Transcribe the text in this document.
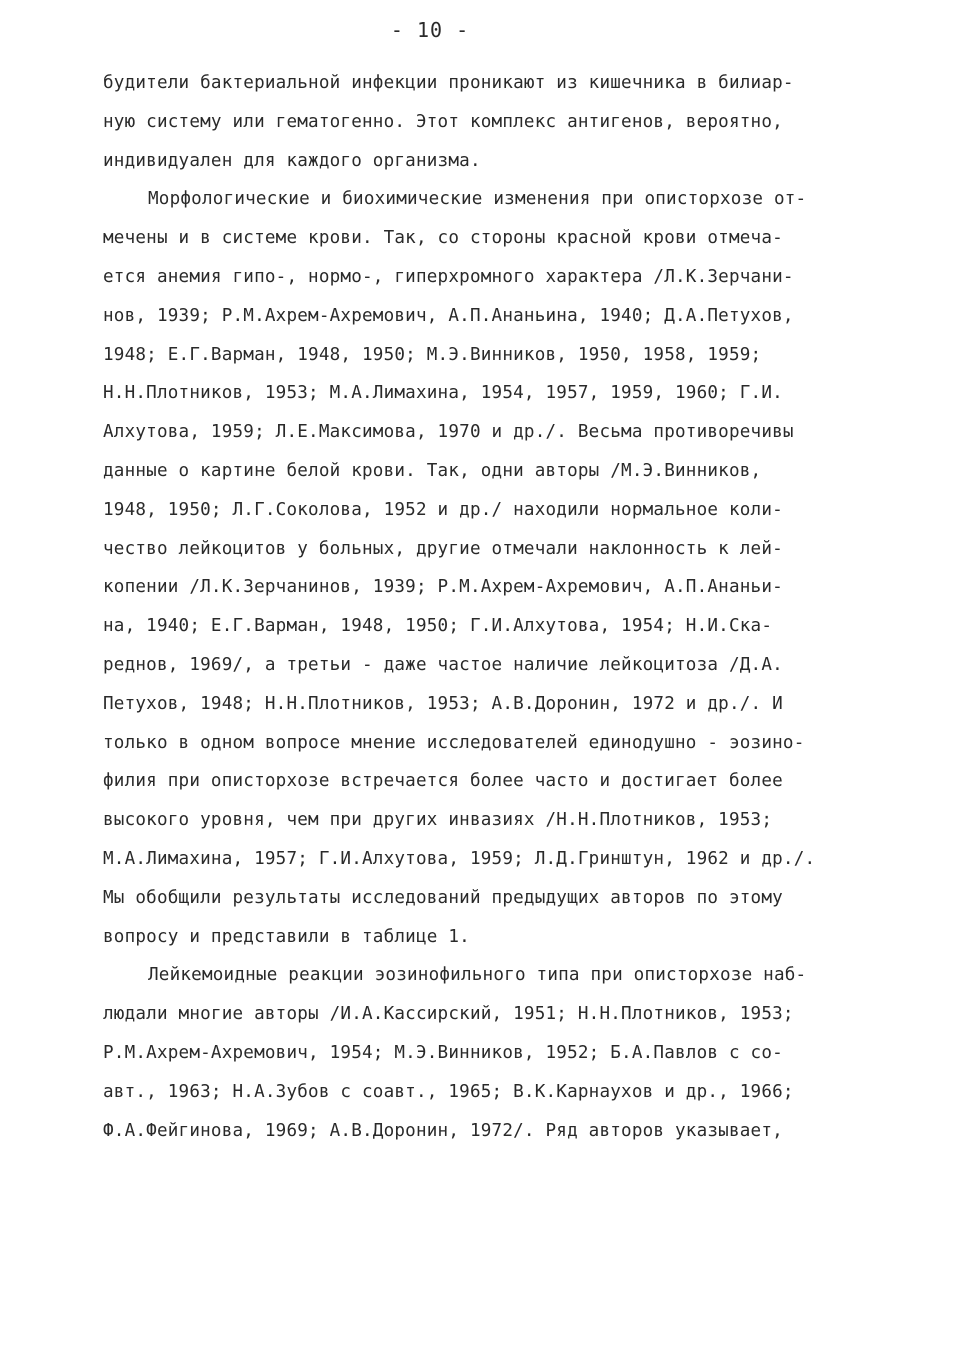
- 10 -
будители бактериальной инфекции проникают из кишечника в билиар-
ную систему или гематогенно. Этот комплекс антигенов, вероятно,
индивидуален для каждого организма.
Морфологические и биохимические изменения при описторхозе от-
мечены и в системе крови. Так, со стороны красной крови отмеча-
ется анемия гипо-, нормо-, гиперхромного характера /Л.К.Зерчани-
нов, 1939; Р.М.Ахрем-Ахремович, А.П.Ананьина, 1940; Д.А.Петухов,
1948; Е.Г.Варман, 1948, 1950; М.Э.Винников, 1950, 1958, 1959;
Н.Н.Плотников, 1953; М.А.Лимахина, 1954, 1957, 1959, 1960; Г.И.
Алхутова, 1959; Л.Е.Максимова, 1970 и др./. Весьма противоречивы
данные о картине белой крови. Так, одни авторы /М.Э.Винников,
1948, 1950; Л.Г.Соколова, 1952 и др./ находили нормальное коли-
чество лейкоцитов у больных, другие отмечали наклонность к лей-
копении /Л.К.Зерчанинов, 1939; Р.М.Ахрем-Ахремович, А.П.Ананьи-
на, 1940; Е.Г.Варман, 1948, 1950; Г.И.Алхутова, 1954; Н.И.Ска-
реднов, 1969/, а третьи - даже частое наличие лейкоцитоза /Д.А.
Петухов, 1948; Н.Н.Плотников, 1953; А.В.Доронин, 1972 и др./. И
только в одном вопросе мнение исследователей единодушно - эозино-
филия при описторхозе встречается более часто и достигает более
высокого уровня, чем при других инвазиях /Н.Н.Плотников, 1953;
М.А.Лимахина, 1957; Г.И.Алхутова, 1959; Л.Д.Гринштун, 1962 и др./.
Мы обобщили результаты исследований предыдущих авторов по этому
вопросу и представили в таблице 1.
Лейкемоидные реакции эозинофильного типа при описторхозе наб-
людали многие авторы /И.А.Кассирский, 1951; Н.Н.Плотников, 1953;
Р.М.Ахрем-Ахремович, 1954; М.Э.Винников, 1952; Б.А.Павлов с со-
авт., 1963; Н.А.Зубов с соавт., 1965; В.К.Карнаухов и др., 1966;
Ф.А.Фейгинова, 1969; А.В.Доронин, 1972/. Ряд авторов указывает,
